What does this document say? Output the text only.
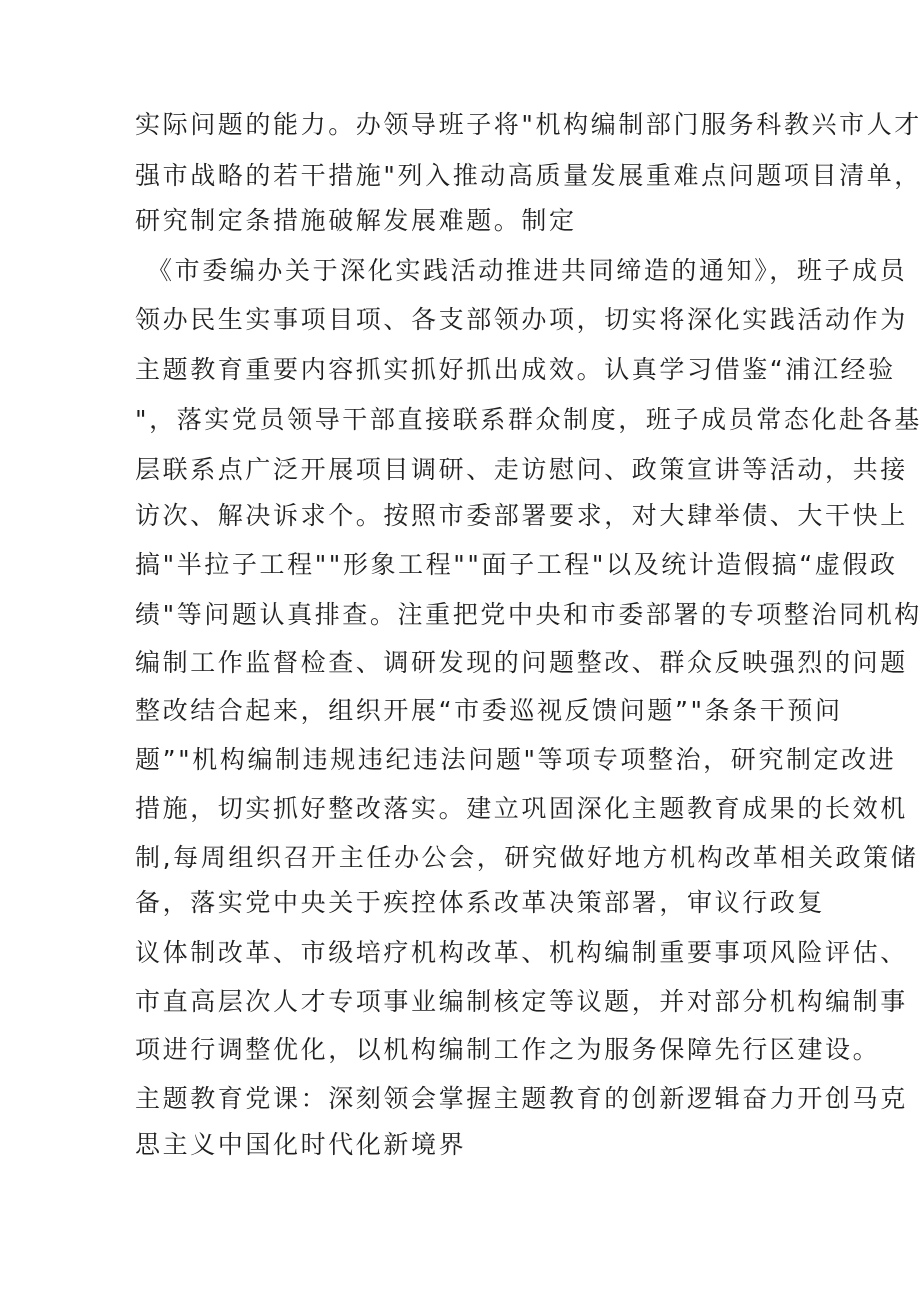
实际问题的能力。办领导班子将"机构编制部门服务科教兴市人才
强市战略的若干措施"列入推动高质量发展重难点问题项目清单，
研究制定条措施破解发展难题。制定
《市委编办关于深化实践活动推进共同缔造的通知》，班子成员
领办民生实事项目项、各支部领办项，切实将深化实践活动作为
主题教育重要内容抓实抓好抓出成效。认真学习借鉴“浦江经验
"，落实党员领导干部直接联系群众制度，班子成员常态化赴各基
层联系点广泛开展项目调研、走访慰问、政策宣讲等活动，共接
访次、解决诉求个。按照市委部署要求，对大肆举债、大干快上
搞"半拉子工程""形象工程""面子工程"以及统计造假搞“虚假政
绩"等问题认真排查。注重把党中央和市委部署的专项整治同机构
编制工作监督检查、调研发现的问题整改、群众反映强烈的问题
整改结合起来，组织开展“市委巡视反馈问题”"条条干预问
题”"机构编制违规违纪违法问题"等项专项整治，研究制定改进
措施，切实抓好整改落实。建立巩固深化主题教育成果的长效机
制,每周组织召开主任办公会，研究做好地方机构改革相关政策储
备，落实党中央关于疾控体系改革决策部署，审议行政复
议体制改革、市级培疗机构改革、机构编制重要事项风险评估、
市直高层次人才专项事业编制核定等议题，并对部分机构编制事
项进行调整优化，以机构编制工作之为服务保障先行区建设。
主题教育党课：深刻领会掌握主题教育的创新逻辑奋力开创马克
思主义中国化时代化新境界
